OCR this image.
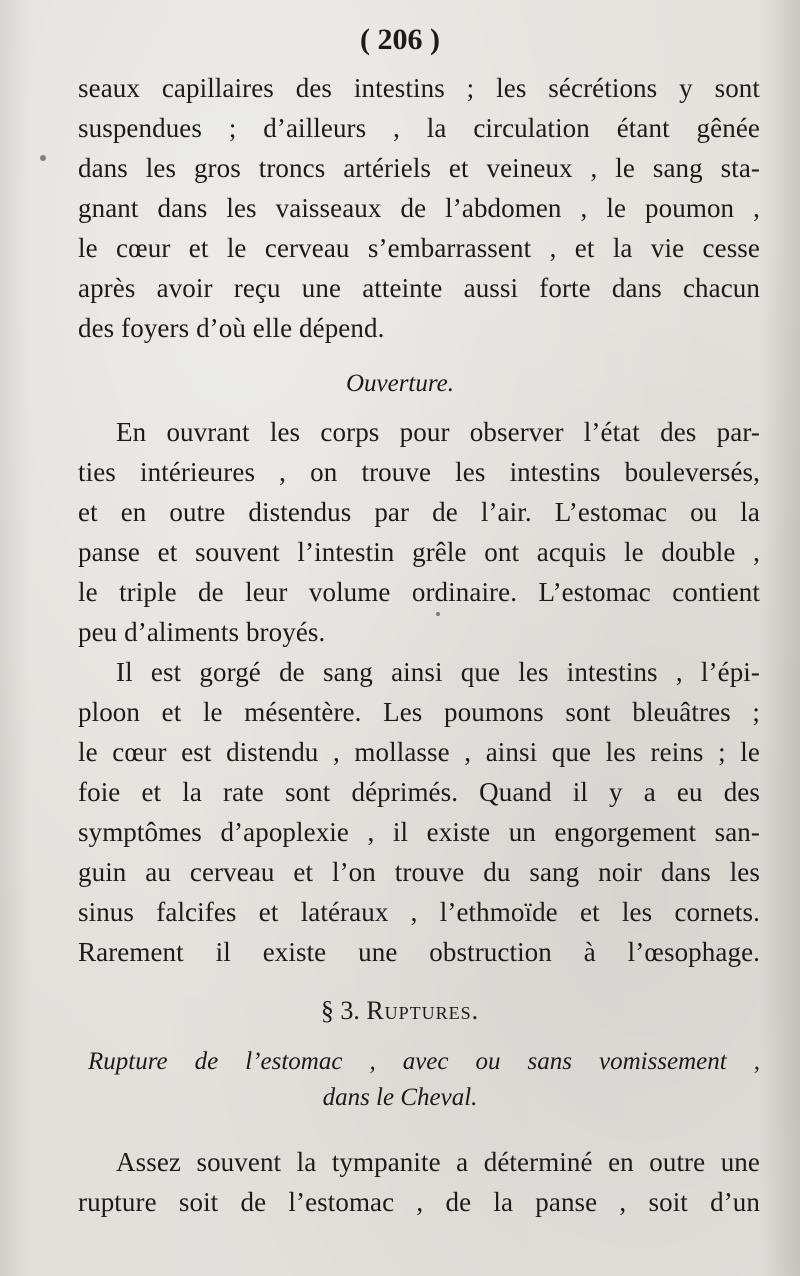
( 206 )
seaux capillaires des intestins ; les sécrétions y sont
suspendues ; d’ailleurs , la circulation étant gênée
dans les gros troncs artériels et veineux , le sang sta-
gnant dans les vaisseaux de l’abdomen , le poumon ,
le cœur et le cerveau s’embarrassent , et la vie cesse
après avoir reçu une atteinte aussi forte dans chacun
des foyers d’où elle dépend.
Ouverture.
En ouvrant les corps pour observer l’état des par-
ties intérieures , on trouve les intestins bouleversés,
et en outre distendus par de l’air. L’estomac ou la
panse et souvent l’intestin grêle ont acquis le double ,
le triple de leur volume ordinaire. L’estomac contient
peu d’aliments broyés.
Il est gorgé de sang ainsi que les intestins , l’épi-
ploon et le mésentère. Les poumons sont bleuâtres ;
le cœur est distendu , mollasse , ainsi que les reins ; le
foie et la rate sont déprimés. Quand il y a eu des
symptômes d’apoplexie , il existe un engorgement san-
guin au cerveau et l’on trouve du sang noir dans les
sinus falcifes et latéraux , l’ethmoïde et les cornets.
Rarement il existe une obstruction à l’œsophage.
§ 3. Ruptures.
Rupture de l’estomac , avec ou sans vomissement ,
dans le Cheval.
Assez souvent la tympanite a déterminé en outre une
rupture soit de l’estomac , de la panse , soit d’un
